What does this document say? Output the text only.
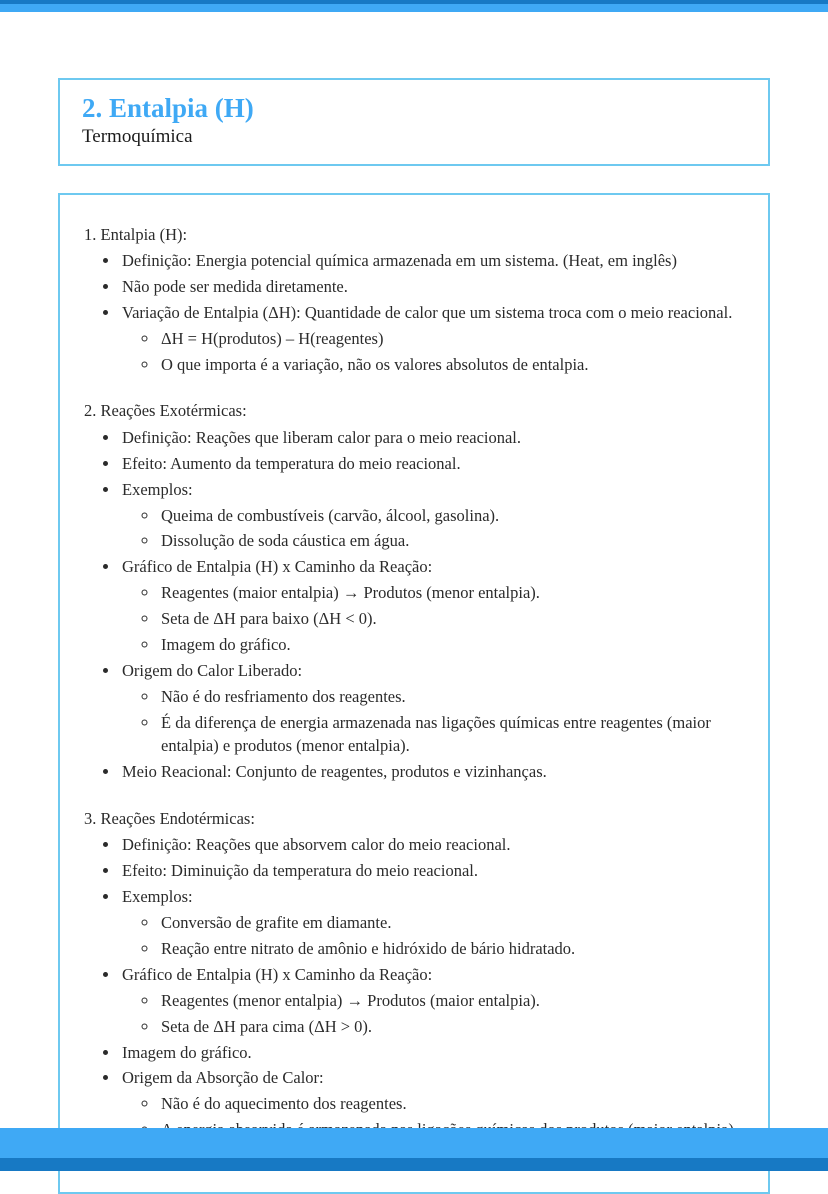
2. Entalpia (H)
Termoquímica
1. Entalpia (H):
• Definição: Energia potencial química armazenada em um sistema. (Heat, em inglês)
• Não pode ser medida diretamente.
• Variação de Entalpia (ΔH): Quantidade de calor que um sistema troca com o meio reacional.
◦ ΔH = H(produtos) – H(reagentes)
◦ O que importa é a variação, não os valores absolutos de entalpia.
2. Reações Exotérmicas:
• Definição: Reações que liberam calor para o meio reacional.
• Efeito: Aumento da temperatura do meio reacional.
• Exemplos:
◦ Queima de combustíveis (carvão, álcool, gasolina).
◦ Dissolução de soda cáustica em água.
• Gráfico de Entalpia (H) x Caminho da Reação:
◦ Reagentes (maior entalpia) → Produtos (menor entalpia).
◦ Seta de ΔH para baixo (ΔH < 0).
◦ Imagem do gráfico.
• Origem do Calor Liberado:
◦ Não é do resfriamento dos reagentes.
◦ É da diferença de energia armazenada nas ligações químicas entre reagentes (maior entalpia) e produtos (menor entalpia).
• Meio Reacional: Conjunto de reagentes, produtos e vizinhanças.
3. Reações Endotérmicas:
• Definição: Reações que absorvem calor do meio reacional.
• Efeito: Diminuição da temperatura do meio reacional.
• Exemplos:
◦ Conversão de grafite em diamante.
◦ Reação entre nitrato de amônio e hidróxido de bário hidratado.
• Gráfico de Entalpia (H) x Caminho da Reação:
◦ Reagentes (menor entalpia) → Produtos (maior entalpia).
◦ Seta de ΔH para cima (ΔH > 0).
• Imagem do gráfico.
• Origem da Absorção de Calor:
◦ Não é do aquecimento dos reagentes.
◦
